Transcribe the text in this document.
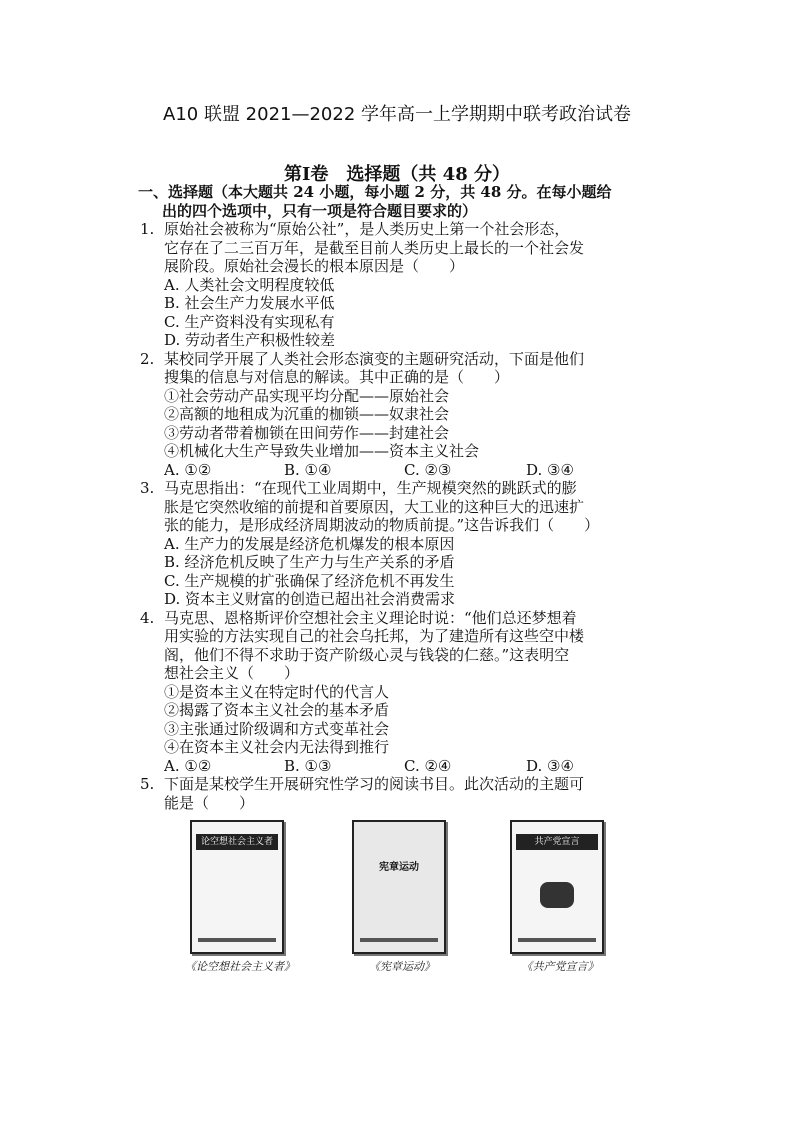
A10 联盟 2021—2022 学年高一上学期期中联考政治试卷
第Ⅰ卷　选择题（共 48 分）
一、选择题（本大题共 24 小题，每小题 2 分，共 48 分。在每小题给
出的四个选项中，只有一项是符合题目要求的）
1. 原始社会被称为“原始公社”，是人类历史上第一个社会形态，
它存在了二三百万年，是截至目前人类历史上最长的一个社会发
展阶段。原始社会漫长的根本原因是（　　）
A. 人类社会文明程度较低
B. 社会生产力发展水平低
C. 生产资料没有实现私有
D. 劳动者生产积极性较差
2. 某校同学开展了人类社会形态演变的主题研究活动，下面是他们
搜集的信息与对信息的解读。其中正确的是（　　）
①社会劳动产品实现平均分配——原始社会
②高额的地租成为沉重的枷锁——奴隶社会
③劳动者带着枷锁在田间劳作——封建社会
④机械化大生产导致失业增加——资本主义社会
A. ①②	B. ①④	C. ②③	D. ③④
3. 马克思指出：“在现代工业周期中，生产规模突然的跳跃式的膨
胀是它突然收缩的前提和首要原因，大工业的这种巨大的迅速扩
张的能力，是形成经济周期波动的物质前提。”这告诉我们（　　）
A. 生产力的发展是经济危机爆发的根本原因
B. 经济危机反映了生产力与生产关系的矛盾
C. 生产规模的扩张确保了经济危机不再发生
D. 资本主义财富的创造已超出社会消费需求
4. 马克思、恩格斯评价空想社会主义理论时说：“他们总还梦想着
用实验的方法实现自己的社会乌托邦，为了建造所有这些空中楼
阁，他们不得不求助于资产阶级心灵与钱袋的仁慈。”这表明空
想社会主义（　　）
①是资本主义在特定时代的代言人
②揭露了资本主义社会的基本矛盾
③主张通过阶级调和方式变革社会
④在资本主义社会内无法得到推行
A. ①②	B. ①③	C. ②④	D. ③④
5. 下面是某校学生开展研究性学习的阅读书目。此次活动的主题可
能是（　　）
论空想社会主义者
《论空想社会主义者》
宪章运动
《宪章运动》
共产党宣言
《共产党宣言》
